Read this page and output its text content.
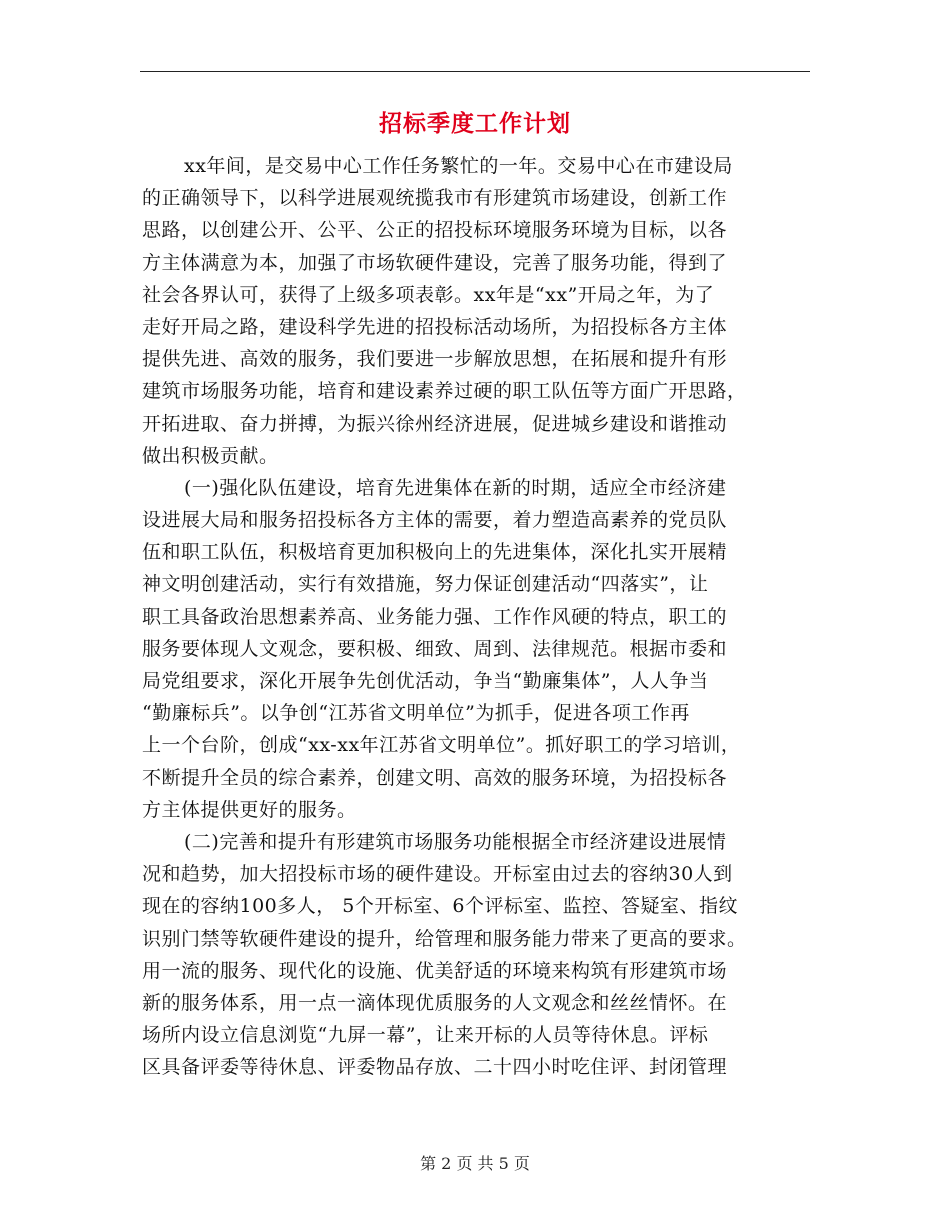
招标季度工作计划
xx年间，是交易中心工作任务繁忙的一年。交易中心在市建设局
的正确领导下，以科学进展观统揽我市有形建筑市场建设，创新工作
思路，以创建公开、公平、公正的招投标环境服务环境为目标，以各
方主体满意为本，加强了市场软硬件建设，完善了服务功能，得到了
社会各界认可，获得了上级多项表彰。xx年是“xx”开局之年，为了
走好开局之路，建设科学先进的招投标活动场所，为招投标各方主体
提供先进、高效的服务，我们要进一步解放思想，在拓展和提升有形
建筑市场服务功能，培育和建设素养过硬的职工队伍等方面广开思路，
开拓进取、奋力拼搏，为振兴徐州经济进展，促进城乡建设和谐推动
做出积极贡献。
(一)强化队伍建设，培育先进集体在新的时期，适应全市经济建
设进展大局和服务招投标各方主体的需要，着力塑造高素养的党员队
伍和职工队伍，积极培育更加积极向上的先进集体，深化扎实开展精
神文明创建活动，实行有效措施，努力保证创建活动“四落实”，让
职工具备政治思想素养高、业务能力强、工作作风硬的特点，职工的
服务要体现人文观念，要积极、细致、周到、法律规范。根据市委和
局党组要求，深化开展争先创优活动，争当“勤廉集体”，人人争当
“勤廉标兵”。以争创“江苏省文明单位”为抓手，促进各项工作再
上一个台阶，创成“xx-xx年江苏省文明单位”。抓好职工的学习培训，
不断提升全员的综合素养，创建文明、高效的服务环境，为招投标各
方主体提供更好的服务。
(二)完善和提升有形建筑市场服务功能根据全市经济建设进展情
况和趋势，加大招投标市场的硬件建设。开标室由过去的容纳30人到
现在的容纳100多人， 5个开标室、6个评标室、监控、答疑室、指纹
识别门禁等软硬件建设的提升，给管理和服务能力带来了更高的要求。
用一流的服务、现代化的设施、优美舒适的环境来构筑有形建筑市场
新的服务体系，用一点一滴体现优质服务的人文观念和丝丝情怀。在
场所内设立信息浏览“九屏一幕”，让来开标的人员等待休息。评标
区具备评委等待休息、评委物品存放、二十四小时吃住评、封闭管理
第 2 页 共 5 页
